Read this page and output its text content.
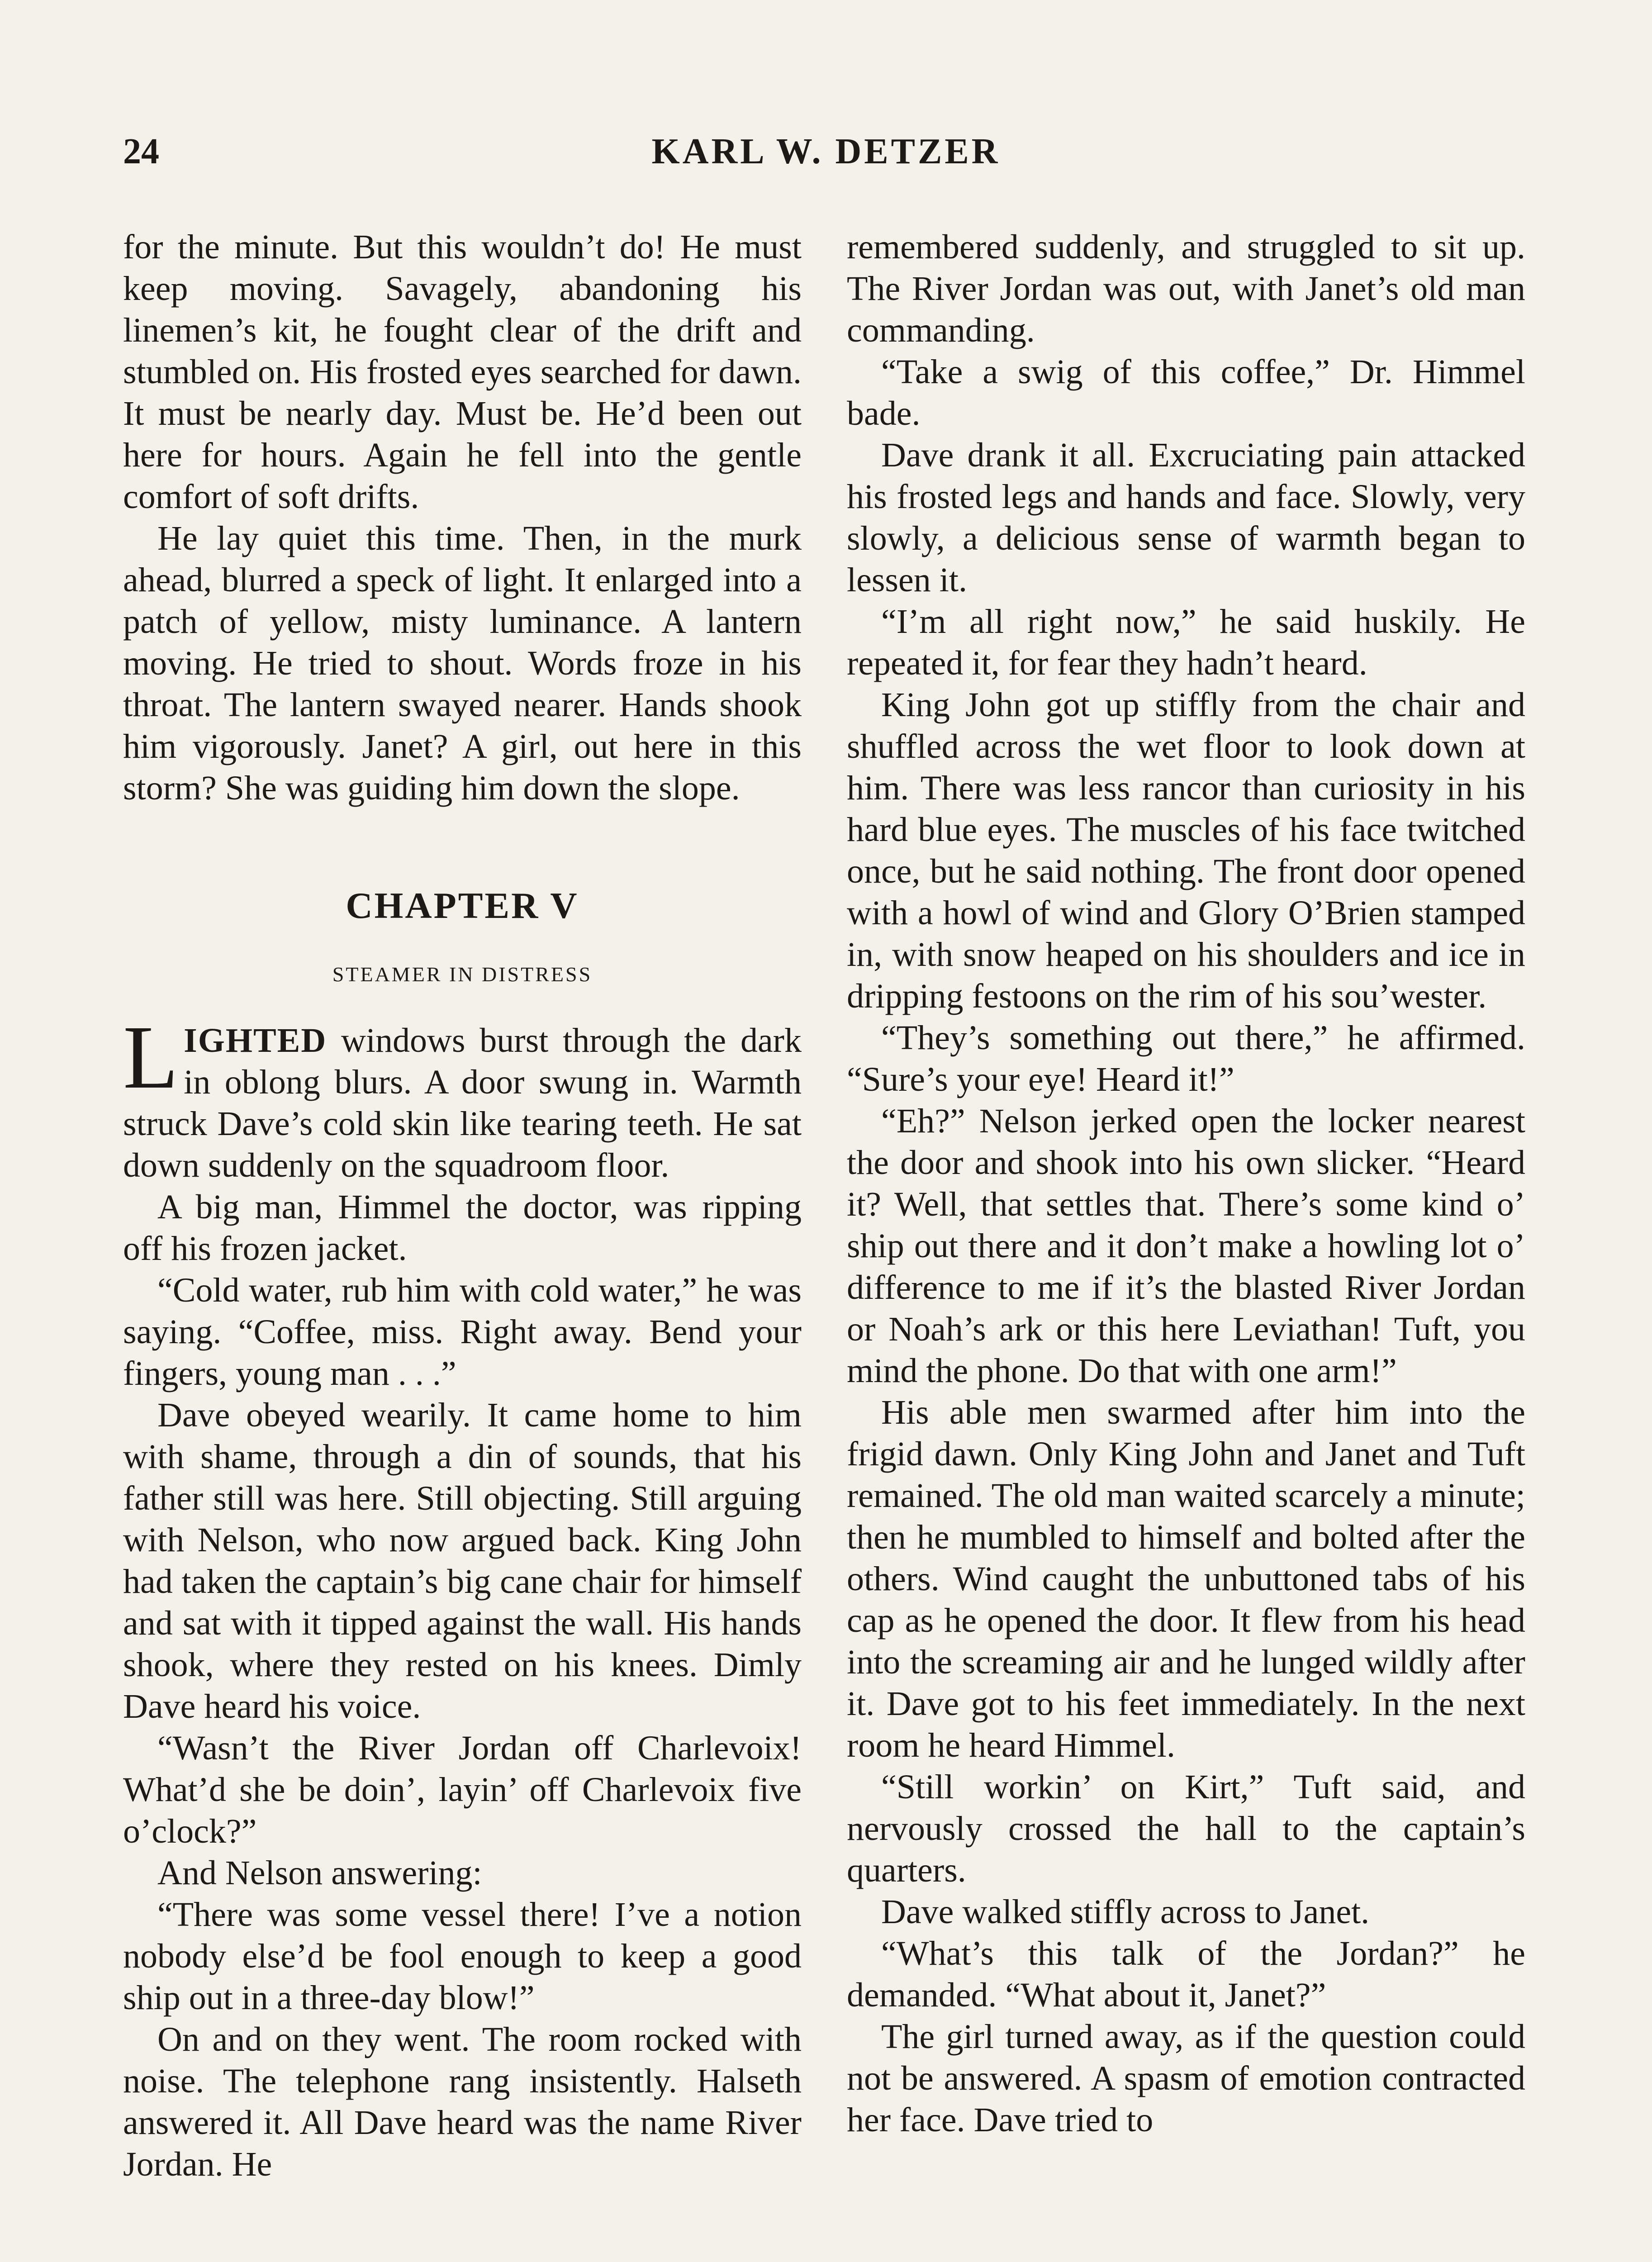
24	KARL W. DETZER

for the minute. But this wouldn’t do! He must keep moving. Savagely, abandoning his linemen’s kit, he fought clear of the drift and stumbled on. His frosted eyes searched for dawn. It must be nearly day. Must be. He’d been out here for hours. Again he fell into the gentle comfort of soft drifts.

He lay quiet this time. Then, in the murk ahead, blurred a speck of light. It enlarged into a patch of yellow, misty luminance. A lantern moving. He tried to shout. Words froze in his throat. The lantern swayed nearer. Hands shook him vigorously. Janet? A girl, out here in this storm? She was guiding him down the slope.

CHAPTER V
STEAMER IN DISTRESS

LIGHTED windows burst through the dark in oblong blurs. A door swung in. Warmth struck Dave’s cold skin like tearing teeth. He sat down suddenly on the squadroom floor.

A big man, Himmel the doctor, was ripping off his frozen jacket.

“Cold water, rub him with cold water,” he was saying. “Coffee, miss. Right away. Bend your fingers, young man . . .”

Dave obeyed wearily. It came home to him with shame, through a din of sounds, that his father still was here. Still objecting. Still arguing with Nelson, who now argued back. King John had taken the captain’s big cane chair for himself and sat with it tipped against the wall. His hands shook, where they rested on his knees. Dimly Dave heard his voice.

“Wasn’t the River Jordan off Charlevoix! What’d she be doin’, layin’ off Charlevoix five o’clock?”

And Nelson answering:

“There was some vessel there! I’ve a notion nobody else’d be fool enough to keep a good ship out in a three-day blow!”

On and on they went. The room rocked with noise. The telephone rang insistently. Halseth answered it. All Dave heard was the name River Jordan. He

remembered suddenly, and struggled to sit up. The River Jordan was out, with Janet’s old man commanding.

“Take a swig of this coffee,” Dr. Himmel bade.

Dave drank it all. Excruciating pain attacked his frosted legs and hands and face. Slowly, very slowly, a delicious sense of warmth began to lessen it.

“I’m all right now,” he said huskily. He repeated it, for fear they hadn’t heard.

King John got up stiffly from the chair and shuffled across the wet floor to look down at him. There was less rancor than curiosity in his hard blue eyes. The muscles of his face twitched once, but he said nothing. The front door opened with a howl of wind and Glory O’Brien stamped in, with snow heaped on his shoulders and ice in dripping festoons on the rim of his sou’wester.

“They’s something out there,” he affirmed. “Sure’s your eye! Heard it!”

“Eh?” Nelson jerked open the locker nearest the door and shook into his own slicker. “Heard it? Well, that settles that. There’s some kind o’ ship out there and it don’t make a howling lot o’ difference to me if it’s the blasted River Jordan or Noah’s ark or this here Leviathan! Tuft, you mind the phone. Do that with one arm!”

His able men swarmed after him into the frigid dawn. Only King John and Janet and Tuft remained. The old man waited scarcely a minute; then he mumbled to himself and bolted after the others. Wind caught the unbuttoned tabs of his cap as he opened the door. It flew from his head into the screaming air and he lunged wildly after it. Dave got to his feet immediately. In the next room he heard Himmel.

“Still workin’ on Kirt,” Tuft said, and nervously crossed the hall to the captain’s quarters.

Dave walked stiffly across to Janet.

“What’s this talk of the Jordan?” he demanded. “What about it, Janet?”

The girl turned away, as if the question could not be answered. A spasm of emotion contracted her face. Dave tried to
